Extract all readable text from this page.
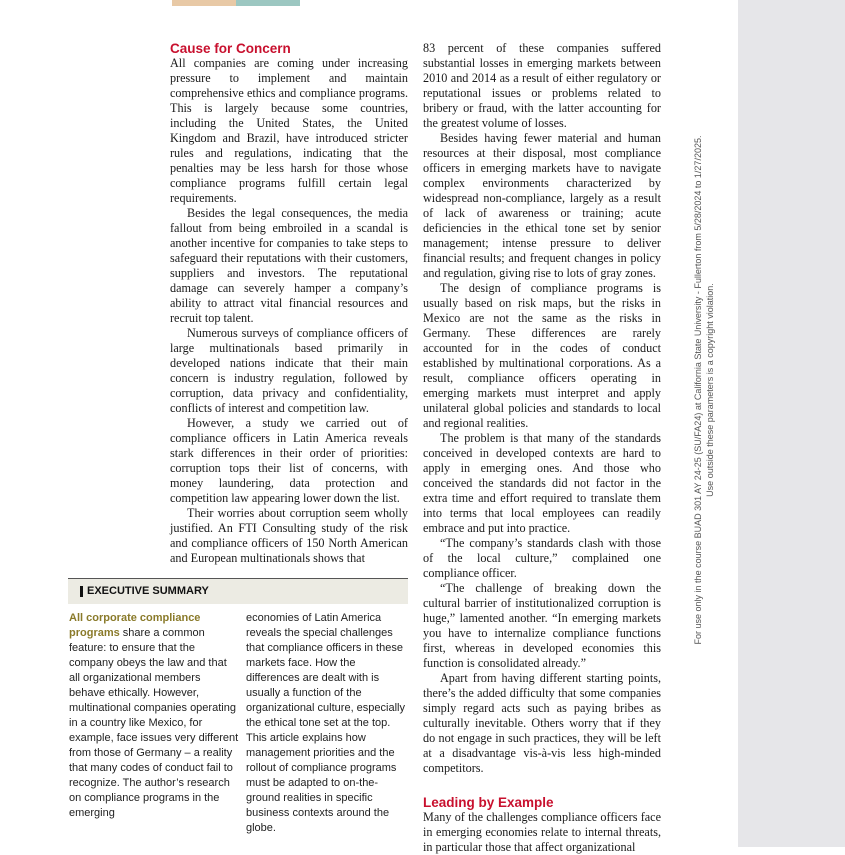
Cause for Concern

All companies are coming under increasing pressure to implement and maintain comprehensive ethics and compliance programs. This is largely because some countries, including the United States, the United Kingdom and Brazil, have introduced stricter rules and regulations, indicating that the penalties may be less harsh for those whose compliance programs fulfill certain legal requirements.

Besides the legal consequences, the media fallout from being embroiled in a scandal is another incentive for companies to take steps to safeguard their reputations with their customers, suppliers and investors. The reputational damage can severely hamper a company’s ability to attract vital financial resources and recruit top talent.

Numerous surveys of compliance officers of large multinationals based primarily in developed nations indicate that their main concern is industry regulation, followed by corruption, data privacy and confidentiality, conflicts of interest and competition law.

However, a study we carried out of compliance officers in Latin America reveals stark differences in their order of priorities: corruption tops their list of concerns, with money laundering, data protection and competition law appearing lower down the list.

Their worries about corruption seem wholly justified. An FTI Consulting study of the risk and compliance officers of 150 North American and European multinationals shows that

83 percent of these companies suffered substantial losses in emerging markets between 2010 and 2014 as a result of either regulatory or reputational issues or problems related to bribery or fraud, with the latter accounting for the greatest volume of losses.

Besides having fewer material and human resources at their disposal, most compliance officers in emerging markets have to navigate complex environments characterized by widespread non-compliance, largely as a result of lack of awareness or training; acute deficiencies in the ethical tone set by senior management; intense pressure to deliver financial results; and frequent changes in policy and regulation, giving rise to lots of gray zones.

The design of compliance programs is usually based on risk maps, but the risks in Mexico are not the same as the risks in Germany. These differences are rarely accounted for in the codes of conduct established by multinational corporations. As a result, compliance officers operating in emerging markets must interpret and apply unilateral global policies and standards to local and regional realities.

The problem is that many of the standards conceived in developed contexts are hard to apply in emerging ones. And those who conceived the standards did not factor in the extra time and effort required to translate them into terms that local employees can readily embrace and put into practice.

“The company’s standards clash with those of the local culture,” complained one compliance officer.

“The challenge of breaking down the cultural barrier of institutionalized corruption is huge,” lamented another. “In emerging markets you have to internalize compliance functions first, whereas in developed economies this function is consolidated already.”

Apart from having different starting points, there’s the added difficulty that some companies simply regard acts such as paying bribes as culturally inevitable. Others worry that if they do not engage in such practices, they will be left at a disadvantage vis-à-vis less high-minded competitors.

Leading by Example

Many of the challenges compliance officers face in emerging economies relate to internal threats, in particular those that affect organizational

EXECUTIVE SUMMARY
All corporate compliance programs share a common feature: to ensure that the company obeys the law and that all organizational members behave ethically. However, multinational companies operating in a country like Mexico, for example, face issues very different from those of Germany – a reality that many codes of conduct fail to recognize. The author’s research on compliance programs in the emerging
economies of Latin America reveals the special challenges that compliance officers in these markets face. How the differences are dealt with is usually a function of the organizational culture, especially the ethical tone set at the top. This article explains how management priorities and the rollout of compliance programs must be adapted to on-the-ground realities in specific business contexts around the globe.
For use only in the course BUAD 301 AY 24-25 (SU/FA24) at California State University - Fullerton from 5/28/2024 to 1/27/2025. Use outside these parameters is a copyright violation.
